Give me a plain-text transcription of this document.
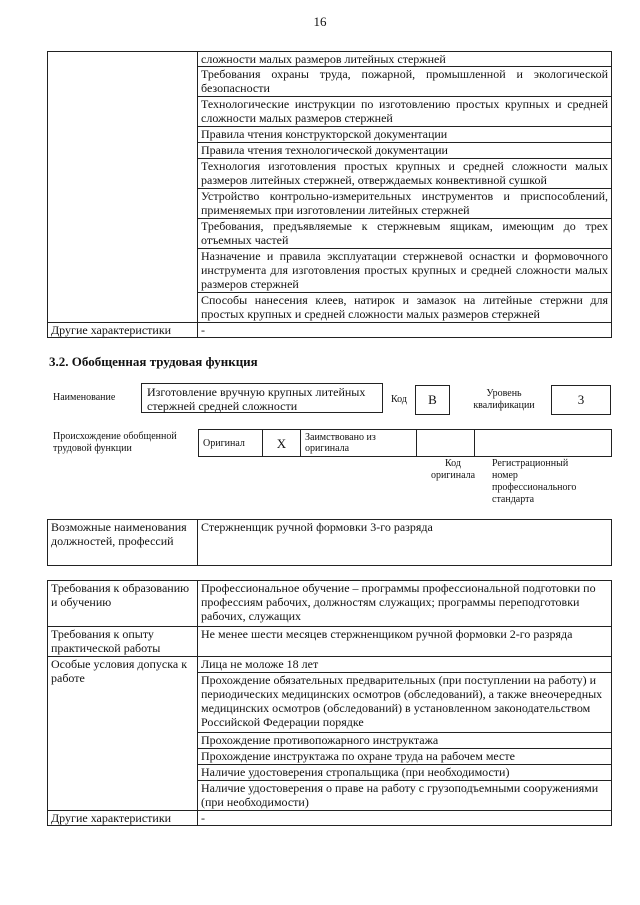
16
	сложности малых размеров литейных стержней
	Требования охраны труда, пожарной, промышленной и экологической безопасности
	Технологические инструкции по изготовлению простых крупных и средней сложности малых размеров стержней
	Правила чтения конструкторской документации
	Правила чтения технологической документации
	Технология изготовления простых крупных и средней сложности малых размеров литейных стержней, отверждаемых конвективной сушкой
	Устройство контрольно-измерительных инструментов и приспособлений, применяемых при изготовлении литейных стержней
	Требования, предъявляемые к стержневым ящикам, имеющим до трех отъемных частей
	Назначение и правила эксплуатации стержневой оснастки и формовочного инструмента для изготовления простых крупных и средней сложности малых размеров стержней
	Способы нанесения клеев, натирок и замазок на литейные стержни для простых крупных и средней сложности малых размеров стержней
Другие характеристики	-
3.2. Обобщенная трудовая функция
Наименование	Изготовление вручную крупных литейных стержней средней сложности	Код	B	Уровень квалификации	3
Происхождение обобщенной трудовой функции	Оригинал	X	Заимствовано из оригинала		
Код оригинала
Регистрационный номер профессионального стандарта
Возможные наименования должностей, профессий	Стержненщик ручной формовки 3-го разряда
Требования к образованию и обучению	Профессиональное обучение – программы профессиональной подготовки по профессиям рабочих, должностям служащих; программы переподготовки рабочих, служащих
Требования к опыту практической работы	Не менее шести месяцев стержненщиком ручной формовки 2-го разряда
Особые условия допуска к работе	Лица не моложе 18 лет
	Прохождение обязательных предварительных (при поступлении на работу) и периодических медицинских осмотров (обследований), а также внеочередных медицинских осмотров (обследований) в установленном законодательством Российской Федерации порядке
	Прохождение противопожарного инструктажа
	Прохождение инструктажа по охране труда на рабочем месте
	Наличие удостоверения стропальщика (при необходимости)
	Наличие удостоверения о праве на работу с грузоподъемными сооружениями (при необходимости)
Другие характеристики	-
